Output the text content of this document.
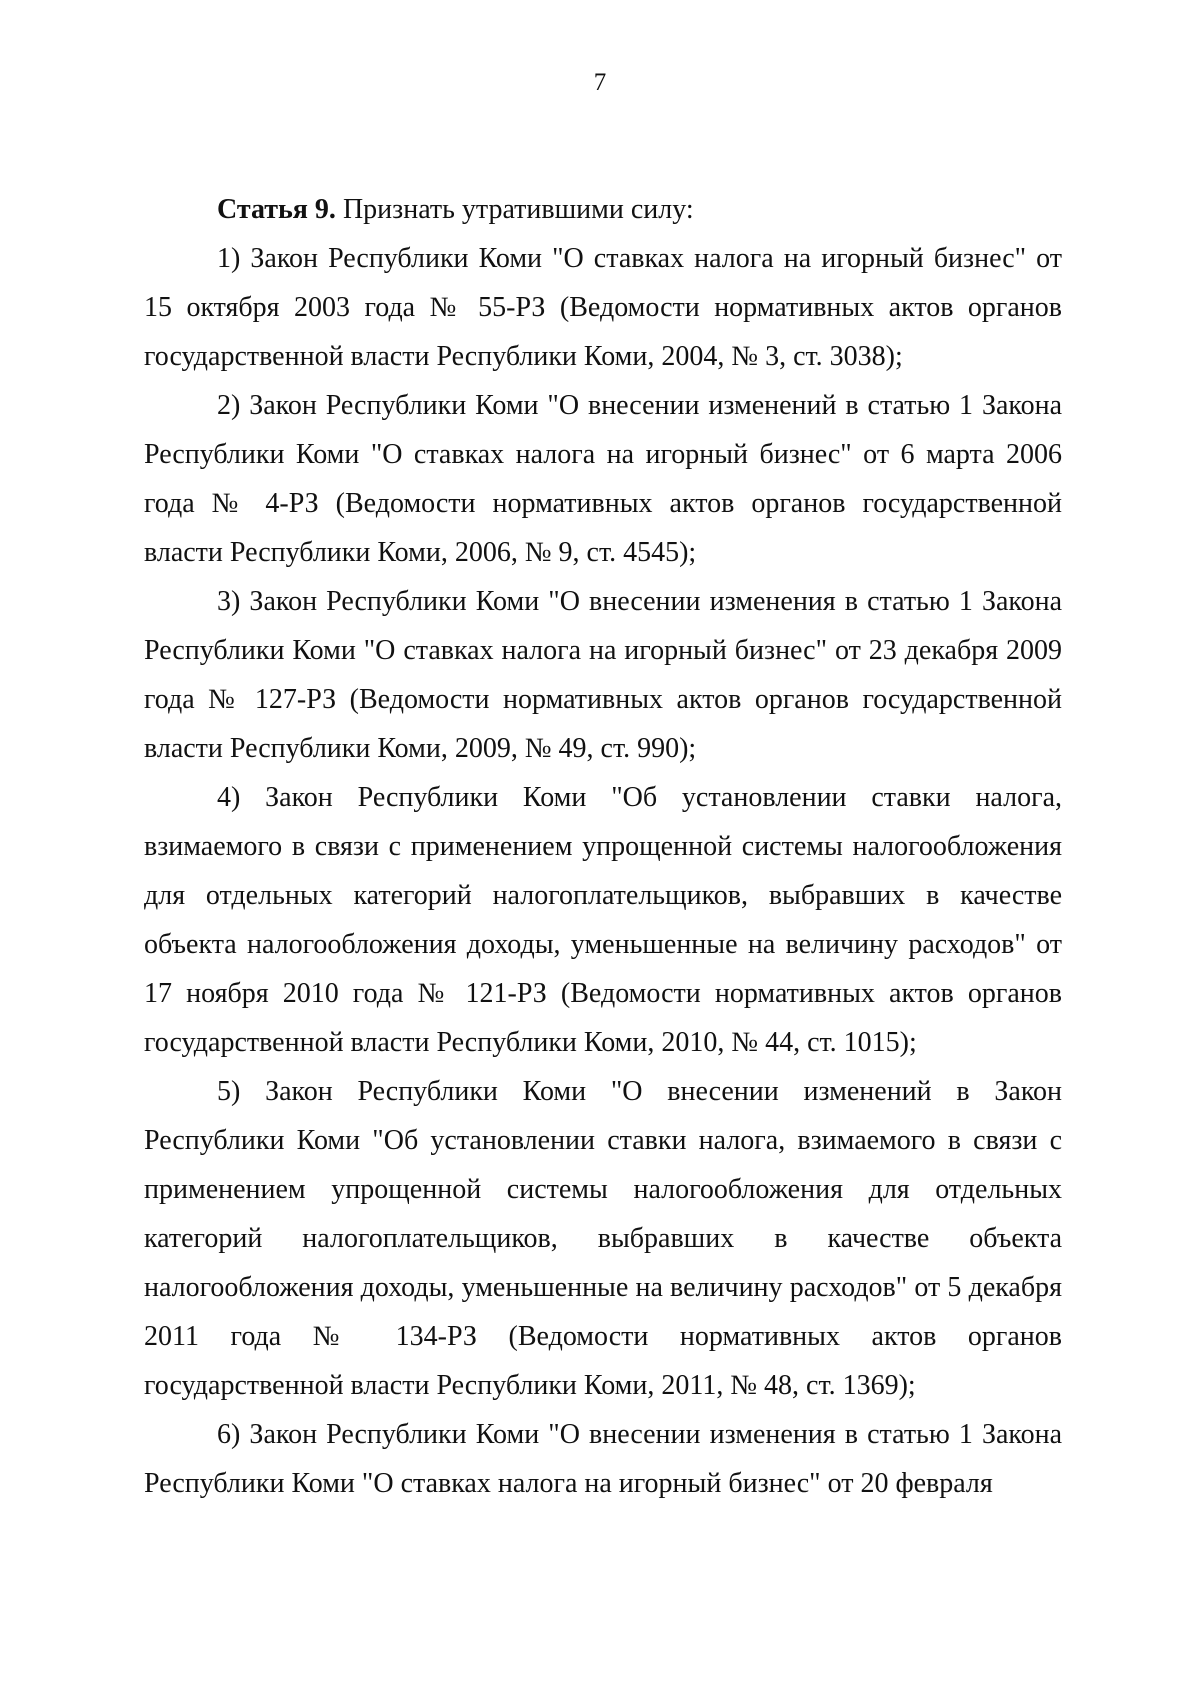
7

Статья 9. Признать утратившими силу:

1) Закон Республики Коми "О ставках налога на игорный бизнес" от 15 октября 2003 года № 55-РЗ (Ведомости нормативных актов органов государственной власти Республики Коми, 2004, № 3, ст. 3038);

2) Закон Республики Коми "О внесении изменений в статью 1 Закона Республики Коми "О ставках налога на игорный бизнес" от 6 марта 2006 года № 4-РЗ (Ведомости нормативных актов органов государственной власти Республики Коми, 2006, № 9, ст. 4545);

3) Закон Республики Коми "О внесении изменения в статью 1 Закона Республики Коми "О ставках налога на игорный бизнес" от 23 декабря 2009 года № 127-РЗ (Ведомости нормативных актов органов государственной власти Республики Коми, 2009, № 49, ст. 990);

4) Закон Республики Коми "Об установлении ставки налога, взимаемого в связи с применением упрощенной системы налогообложения для отдельных категорий налогоплательщиков, выбравших в качестве объекта налогообложения доходы, уменьшенные на величину расходов" от 17 ноября 2010 года № 121-РЗ (Ведомости нормативных актов органов государственной власти Республики Коми, 2010, № 44, ст. 1015);

5) Закон Республики Коми "О внесении изменений в Закон Республики Коми "Об установлении ставки налога, взимаемого в связи с применением упрощенной системы налогообложения для отдельных категорий налогоплательщиков, выбравших в качестве объекта налогообложения доходы, уменьшенные на величину расходов" от 5 декабря 2011 года № 134-РЗ (Ведомости нормативных актов органов государственной власти Республики Коми, 2011, № 48, ст. 1369);

6) Закон Республики Коми "О внесении изменения в статью 1 Закона Республики Коми "О ставках налога на игорный бизнес" от 20 февраля
